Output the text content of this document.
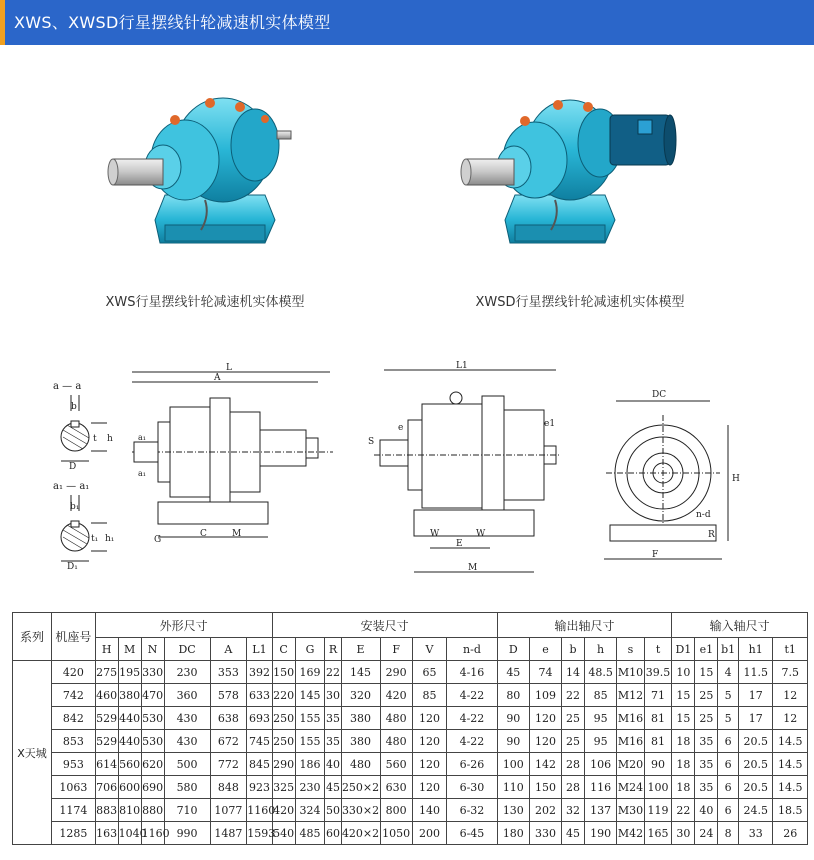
XWS、XWSD行星摆线针轮减速机实体模型
XWS行星摆线针轮减速机实体模型	XWSD行星摆线针轮减速机实体模型
a — a
b
t h
D
a₁ — a₁
b₁
t₁ h₁
D₁
L
A
a₁
a₁
G
C	M
L1
S
e	e1
W	W
E
M
DC
H
n-d
R
F
系列	机座号	外形尺寸						安装尺寸							输出轴尺寸						输入轴尺寸				
		H	M	N	DC	A	L1	C	G	R	E	F	V	n-d	D	e	b	h	s	t	D1	e1	b1	h1	t1
X天城	420	275	195	330	230	353	392	150	169	22	145	290	65	4-16	45	74	14	48.5	M10	39.5	10	15	4	11.5	7.5
	742	460	380	470	360	578	633	220	145	30	320	420	85	4-22	80	109	22	85	M12	71	15	25	5	17	12
	842	529	440	530	430	638	693	250	155	35	380	480	120	4-22	90	120	25	95	M16	81	15	25	5	17	12
	853	529	440	530	430	672	745	250	155	35	380	480	120	4-22	90	120	25	95	M16	81	18	35	6	20.5	14.5
	953	614	560	620	500	772	845	290	186	40	480	560	120	6-26	100	142	28	106	M20	90	18	35	6	20.5	14.5
	1063	706	600	690	580	848	923	325	230	45	250×2	630	120	6-30	110	150	28	116	M24	100	18	35	6	20.5	14.5
	1174	883	810	880	710	1077	1160	420	324	50	330×2	800	140	6-32	130	202	32	137	M30	119	22	40	6	24.5	18.5
	1285	163	1040	1160	990	1487	1593	540	485	60	420×2	1050	200	6-45	180	330	45	190	M42	165	30	24	8	33	26
